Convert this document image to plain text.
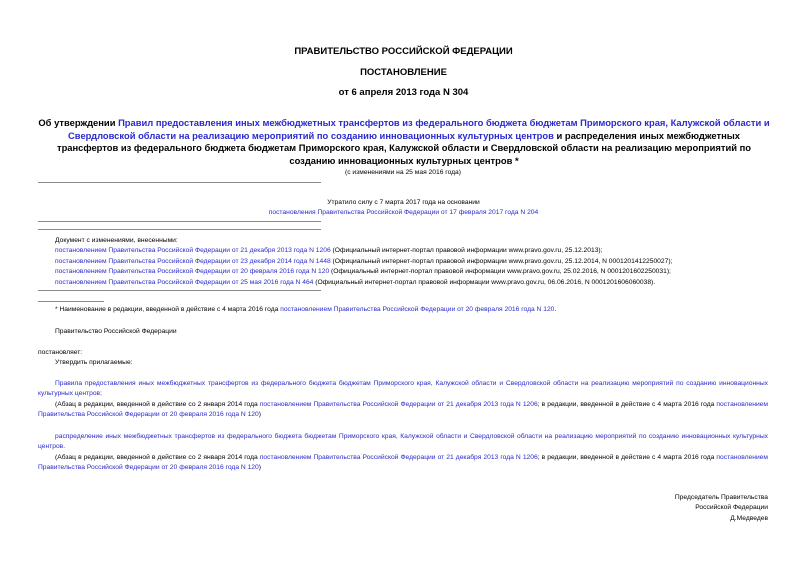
ПРАВИТЕЛЬСТВО РОССИЙСКОЙ ФЕДЕРАЦИИ
ПОСТАНОВЛЕНИЕ
от 6 апреля 2013 года N 304
Об утверждении Правил предоставления иных межбюджетных трансфертов из федерального бюджета бюджетам Приморского края, Калужской области и Свердловской области на реализацию мероприятий по созданию инновационных культурных центров и распределения иных межбюджетных трансфертов из федерального бюджета бюджетам Приморского края, Калужской области и Свердловской области на реализацию мероприятий по созданию инновационных культурных центров *
(с изменениями на 25 мая 2016 года)
Утратило силу с 7 марта 2017 года на основании
постановления Правительства Российской Федерации от 17 февраля 2017 года N 204
Документ с изменениями, внесенными:
постановлением Правительства Российской Федерации от 21 декабря 2013 года N 1206 (Официальный интернет-портал правовой информации www.pravo.gov.ru, 25.12.2013);
постановлением Правительства Российской Федерации от 23 декабря 2014 года N 1448 (Официальный интернет-портал правовой информации www.pravo.gov.ru, 25.12.2014, N 0001201412250027);
постановлением Правительства Российской Федерации от 20 февраля 2016 года N 120 (Официальный интернет-портал правовой информации www.pravo.gov.ru, 25.02.2016, N 0001201602250031);
постановлением Правительства Российской Федерации от 25 мая 2016 года N 464 (Официальный интернет-портал правовой информации www.pravo.gov.ru, 06.06.2016, N 0001201606060038).
* Наименование в редакции, введенной в действие с 4 марта 2016 года постановлением Правительства Российской Федерации от 20 февраля 2016 года N 120.
Правительство Российской Федерации
постановляет:
Утвердить прилагаемые:
Правила предоставления иных межбюджетных трансфертов из федерального бюджета бюджетам Приморского края, Калужской области и Свердловской области на реализацию мероприятий по созданию инновационных культурных центров;
(Абзац в редакции, введенной в действие со 2 января 2014 года постановлением Правительства Российской Федерации от 21 декабря 2013 года N 1206; в редакции, введенной в действие с 4 марта 2016 года постановлением Правительства Российской Федерации от 20 февраля 2016 года N 120)
распределение иных межбюджетных трансфертов из федерального бюджета бюджетам Приморского края, Калужской области и Свердловской области на реализацию мероприятий по созданию инновационных культурных центров.
(Абзац в редакции, введенной в действие со 2 января 2014 года постановлением Правительства Российской Федерации от 21 декабря 2013 года N 1206; в редакции, введенной в действие с 4 марта 2016 года постановлением Правительства Российской Федерации от 20 февраля 2016 года N 120)
Председатель Правительства
Российской Федерации
Д.Медведев
